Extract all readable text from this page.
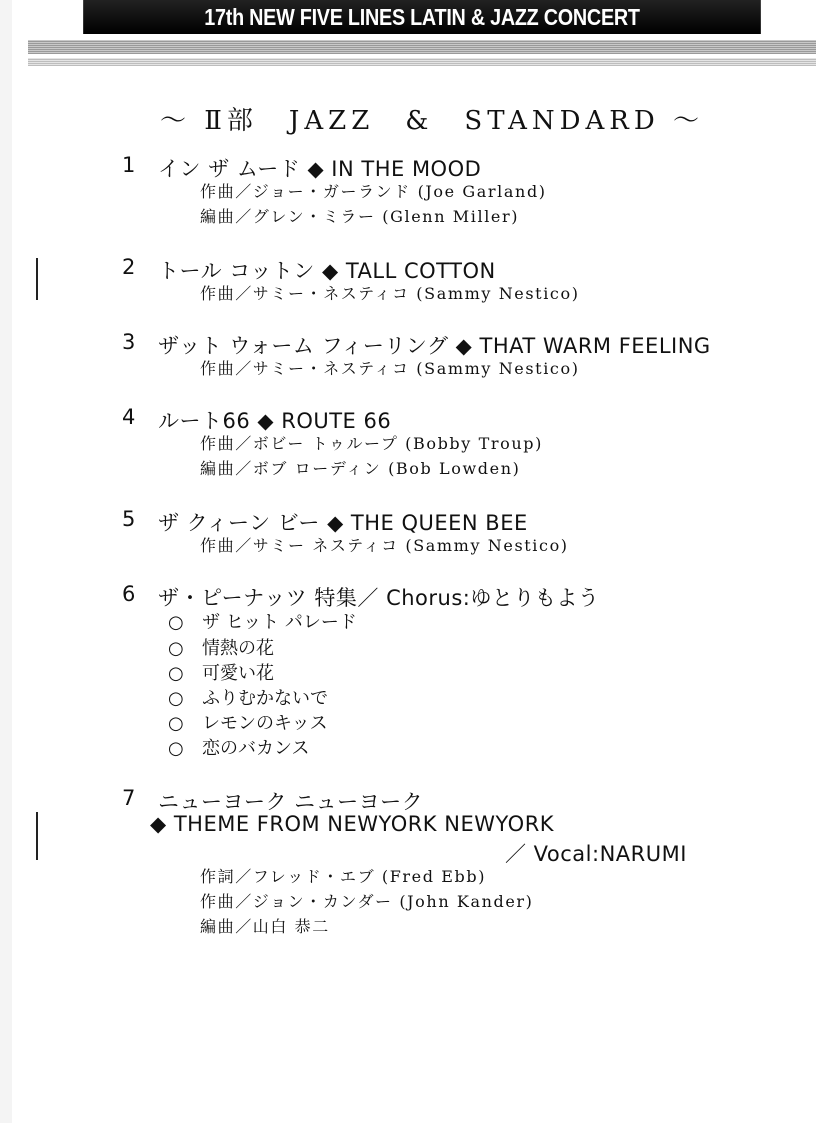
17th NEW FIVE LINES LATIN & JAZZ CONCERT
～ Ⅱ部　JAZZ　&　STANDARD ～
1 イン ザ ムード ◆ IN THE MOOD
作曲／ジョー・ガーランド (Joe Garland)
編曲／グレン・ミラー (Glenn Miller)
2 トール コットン ◆ TALL COTTON
作曲／サミー・ネスティコ (Sammy Nestico)
3 ザット ウォーム フィーリング ◆ THAT WARM FEELING
作曲／サミー・ネスティコ (Sammy Nestico)
4 ルート66 ◆ ROUTE 66
作曲／ボビー トゥループ (Bobby Troup)
編曲／ボブ ローディン (Bob Lowden)
5 ザ クィーン ビー ◆ THE QUEEN BEE
作曲／サミー ネスティコ (Sammy Nestico)
6 ザ・ピーナッツ 特集／ Chorus:ゆとりもよう
○ ザ ヒット パレード
○ 情熱の花
○ 可愛い花
○ ふりむかないで
○ レモンのキッス
○ 恋のバカンス
7 ニューヨーク ニューヨーク
◆ THEME FROM NEWYORK NEWYORK
／ Vocal:NARUMI
作詞／フレッド・エブ (Fred Ebb)
作曲／ジョン・カンダー (John Kander)
編曲／山白 恭二
